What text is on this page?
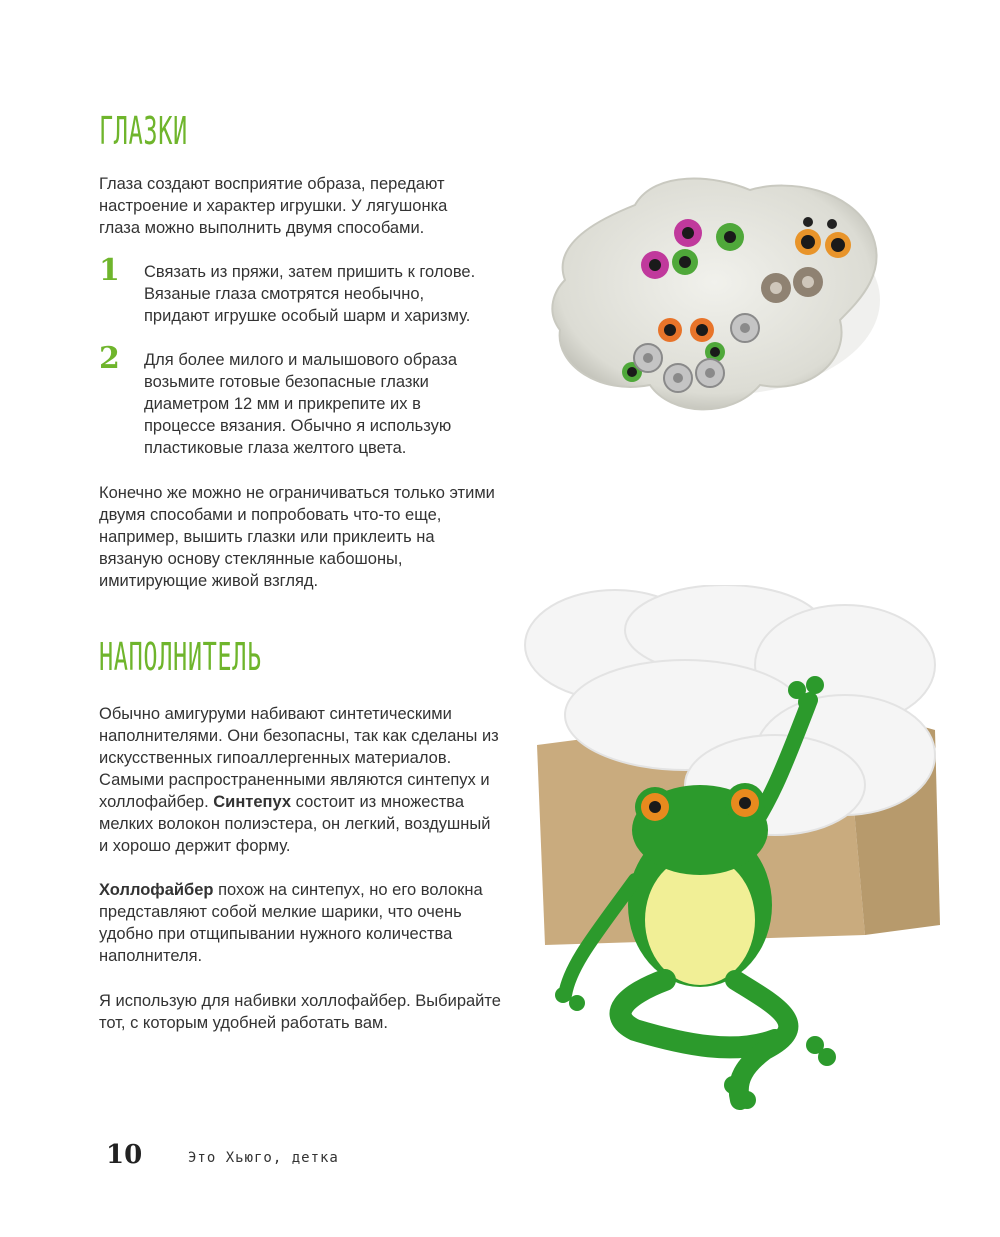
ГЛАЗКИ

Глаза создают восприятие образа, передают настроение и характер игрушки. У лягушонка глаза можно выполнить двумя способами.

1 Связать из пряжи, затем пришить к голове. Вязаные глаза смотрятся необычно, придают игрушке особый шарм и харизму.

2 Для более милого и малышового образа возьмите готовые безопасные глазки диаметром 12 мм и прикрепите их в процессе вязания. Обычно я использую пластиковые глаза желтого цвета.

Конечно же можно не ограничиваться только этими двумя способами и попробовать что-то еще, например, вышить глазки или приклеить на вязаную основу стеклянные кабошоны, имитирующие живой взгляд.

НАПОЛНИТЕЛЬ

Обычно амигуруми набивают синтетическими наполнителями. Они безопасны, так как сделаны из искусственных гипоаллергенных материалов. Самыми распространенными являются синтепух и холлофайбер. Синтепух состоит из множества мелких волокон полиэстера, он легкий, воздушный и хорошо держит форму.

Холлофайбер похож на синтепух, но его волокна представляют собой мелкие шарики, что очень удобно при отщипывании нужного количества наполнителя.

Я использую для набивки холлофайбер. Выбирайте тот, с которым удобней работать вам.

10	Это Хьюго, детка
